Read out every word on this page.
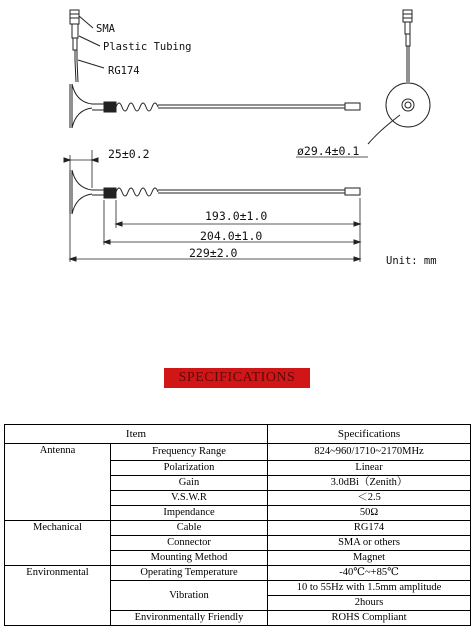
SMA
Plastic Tubing
RG174
ø29.4±0.1
25±0.2
193.0±1.0
204.0±1.0
229±2.0
Unit: mm
SPECIFICATIONS
Item		Specifications
Antenna	Frequency Range	824~960/1710~2170MHz
	Polarization	Linear
	Gain	3.0dBi（Zenith）
	V.S.W.R	＜2.5
	Impendance	50Ω
Mechanical	Cable	RG174
	Connector	SMA or others
	Mounting Method	Magnet
Environmental	Operating Temperature	-40℃~+85℃
	Vibration	10 to 55Hz with 1.5mm amplitude
		2hours
	Environmentally Friendly	ROHS Compliant
